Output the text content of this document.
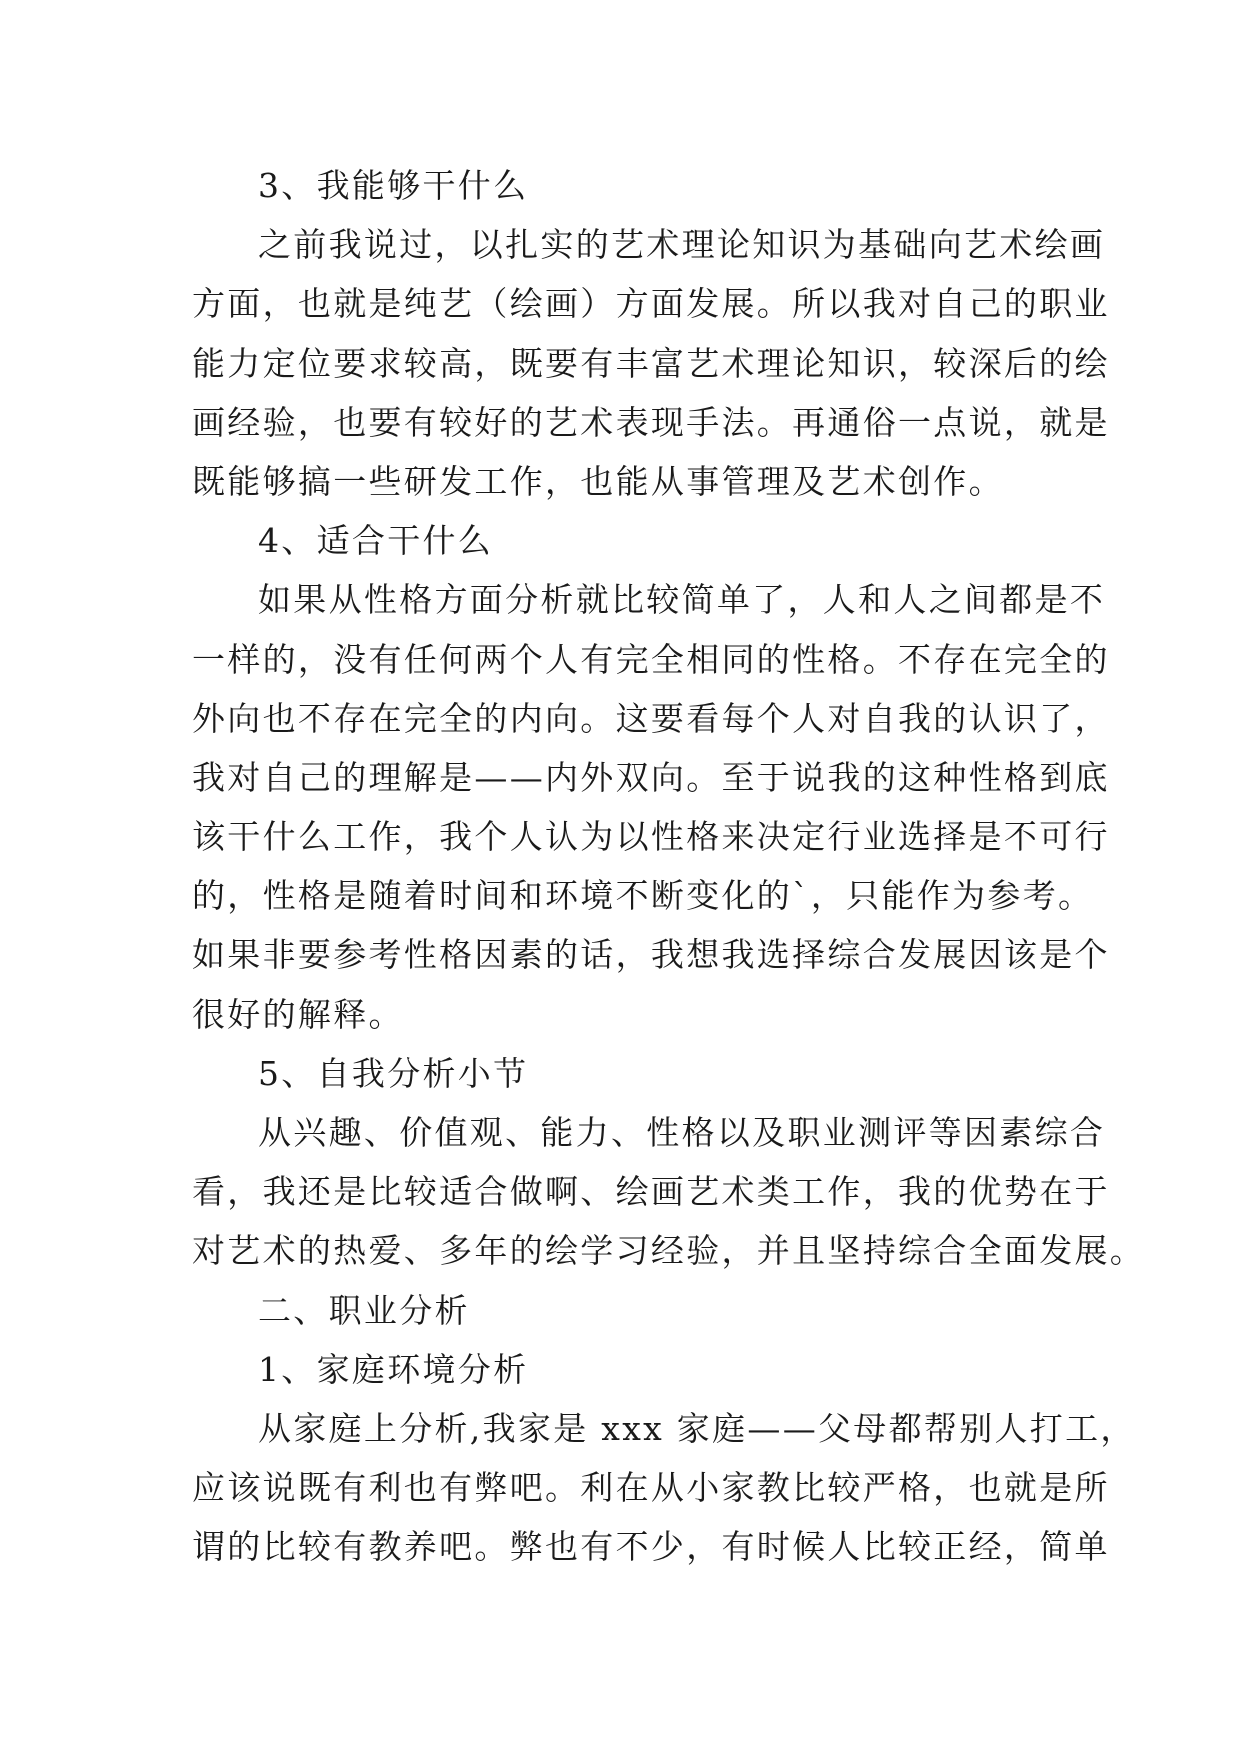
3、我能够干什么
之前我说过，以扎实的艺术理论知识为基础向艺术绘画
方面，也就是纯艺（绘画）方面发展。所以我对自己的职业
能力定位要求较高，既要有丰富艺术理论知识，较深后的绘
画经验，也要有较好的艺术表现手法。再通俗一点说，就是
既能够搞一些研发工作，也能从事管理及艺术创作。
4、适合干什么
如果从性格方面分析就比较简单了，人和人之间都是不
一样的，没有任何两个人有完全相同的性格。不存在完全的
外向也不存在完全的内向。这要看每个人对自我的认识了，
我对自己的理解是——内外双向。至于说我的这种性格到底
该干什么工作，我个人认为以性格来决定行业选择是不可行
的，性格是随着时间和环境不断变化的`，只能作为参考。
如果非要参考性格因素的话，我想我选择综合发展因该是个
很好的解释。
5、自我分析小节
从兴趣、价值观、能力、性格以及职业测评等因素综合
看，我还是比较适合做啊、绘画艺术类工作，我的优势在于
对艺术的热爱、多年的绘学习经验，并且坚持综合全面发展。
二、职业分析
1、家庭环境分析
从家庭上分析,我家是 xxx 家庭——父母都帮别人打工，
应该说既有利也有弊吧。利在从小家教比较严格，也就是所
谓的比较有教养吧。弊也有不少，有时候人比较正经，简单
